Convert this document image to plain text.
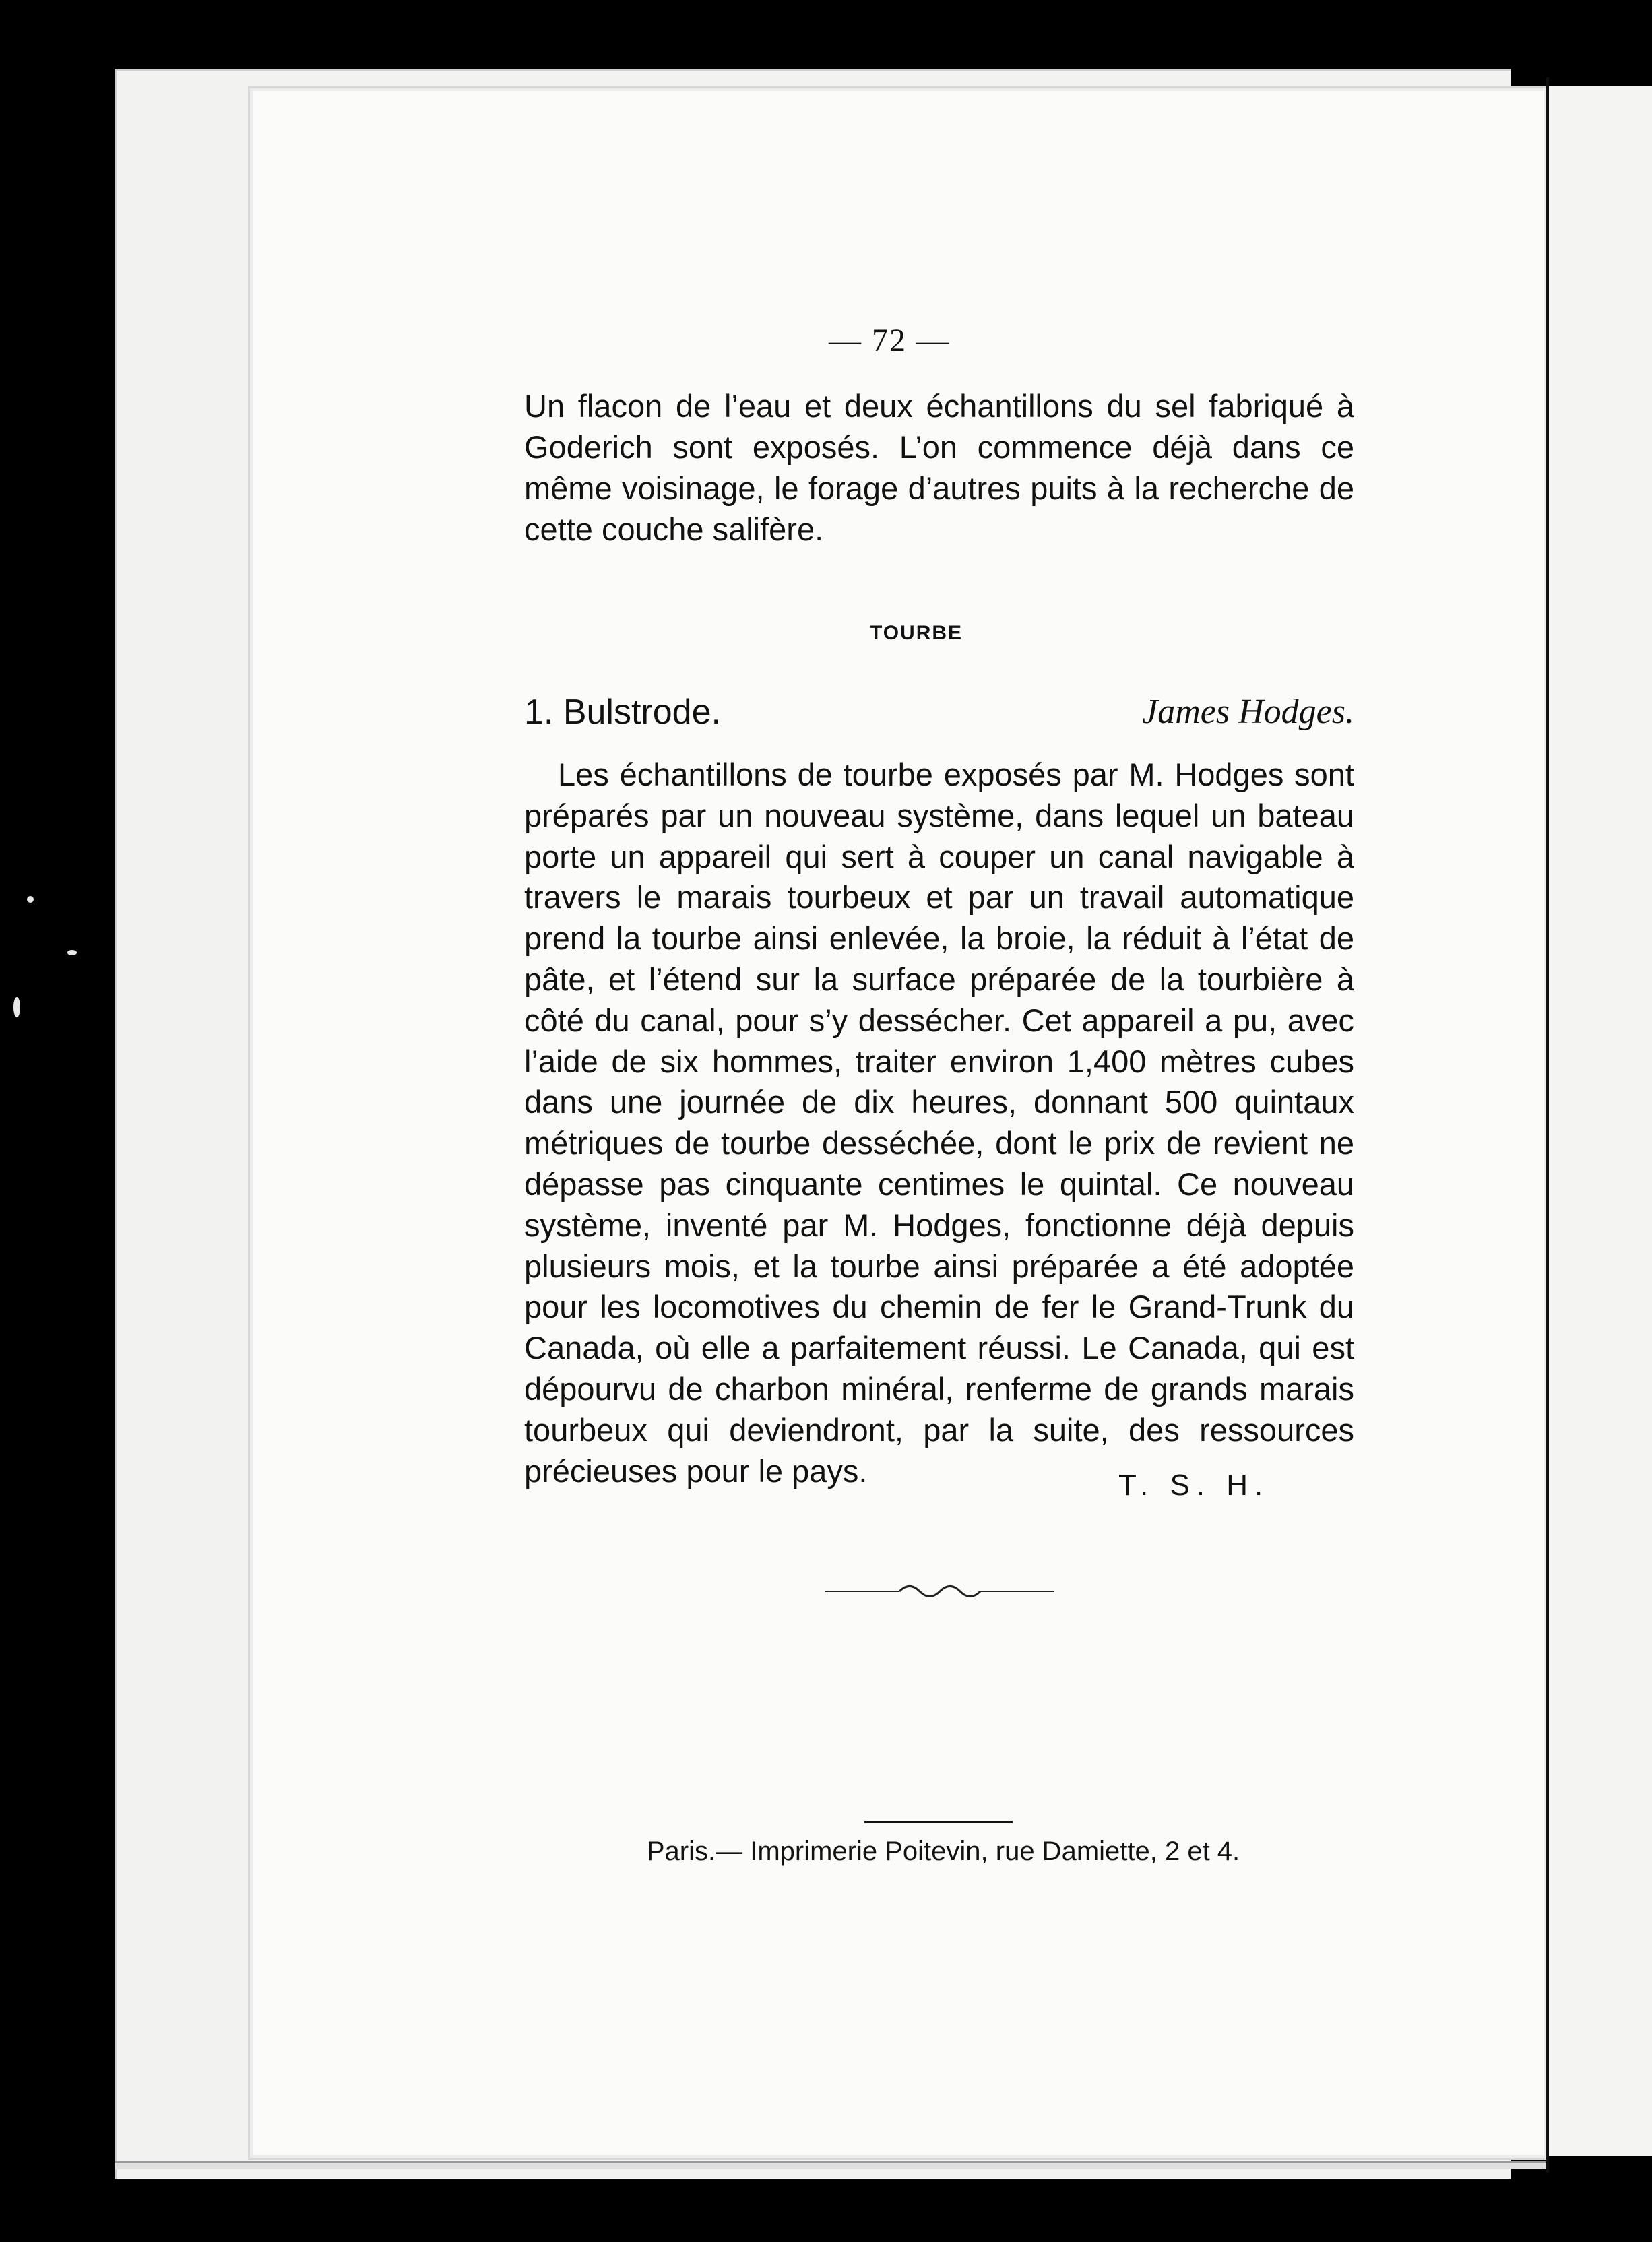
— 72 —
Un flacon de l’eau et deux échantillons du sel fabriqué à Goderich sont exposés. L’on commence déjà dans ce même voisinage, le forage d’autres puits à la recherche de cette couche salifère.
TOURBE
1. Bulstrode.	James Hodges.
Les échantillons de tourbe exposés par M. Hodges sont préparés par un nouveau système, dans lequel un bateau porte un appareil qui sert à couper un canal navigable à travers le marais tourbeux et par un travail automatique prend la tourbe ainsi enlevée, la broie, la réduit à l’état de pâte, et l’étend sur la surface préparée de la tourbière à côté du canal, pour s’y dessécher. Cet appareil a pu, avec l’aide de six hommes, traiter environ 1,400 mètres cubes dans une journée de dix heures, donnant 500 quintaux métriques de tourbe desséchée, dont le prix de revient ne dépasse pas cinquante centimes le quintal. Ce nouveau système, inventé par M. Hodges, fonctionne déjà depuis plusieurs mois, et la tourbe ainsi préparée a été adoptée pour les locomotives du chemin de fer le Grand-Trunk du Canada, où elle a parfaitement réussi. Le Canada, qui est dépourvu de charbon minéral, renferme de grands marais tourbeux qui deviendront, par la suite, des ressources précieuses pour le pays.	T. S. H.
Paris.— Imprimerie Poitevin, rue Damiette, 2 et 4.
